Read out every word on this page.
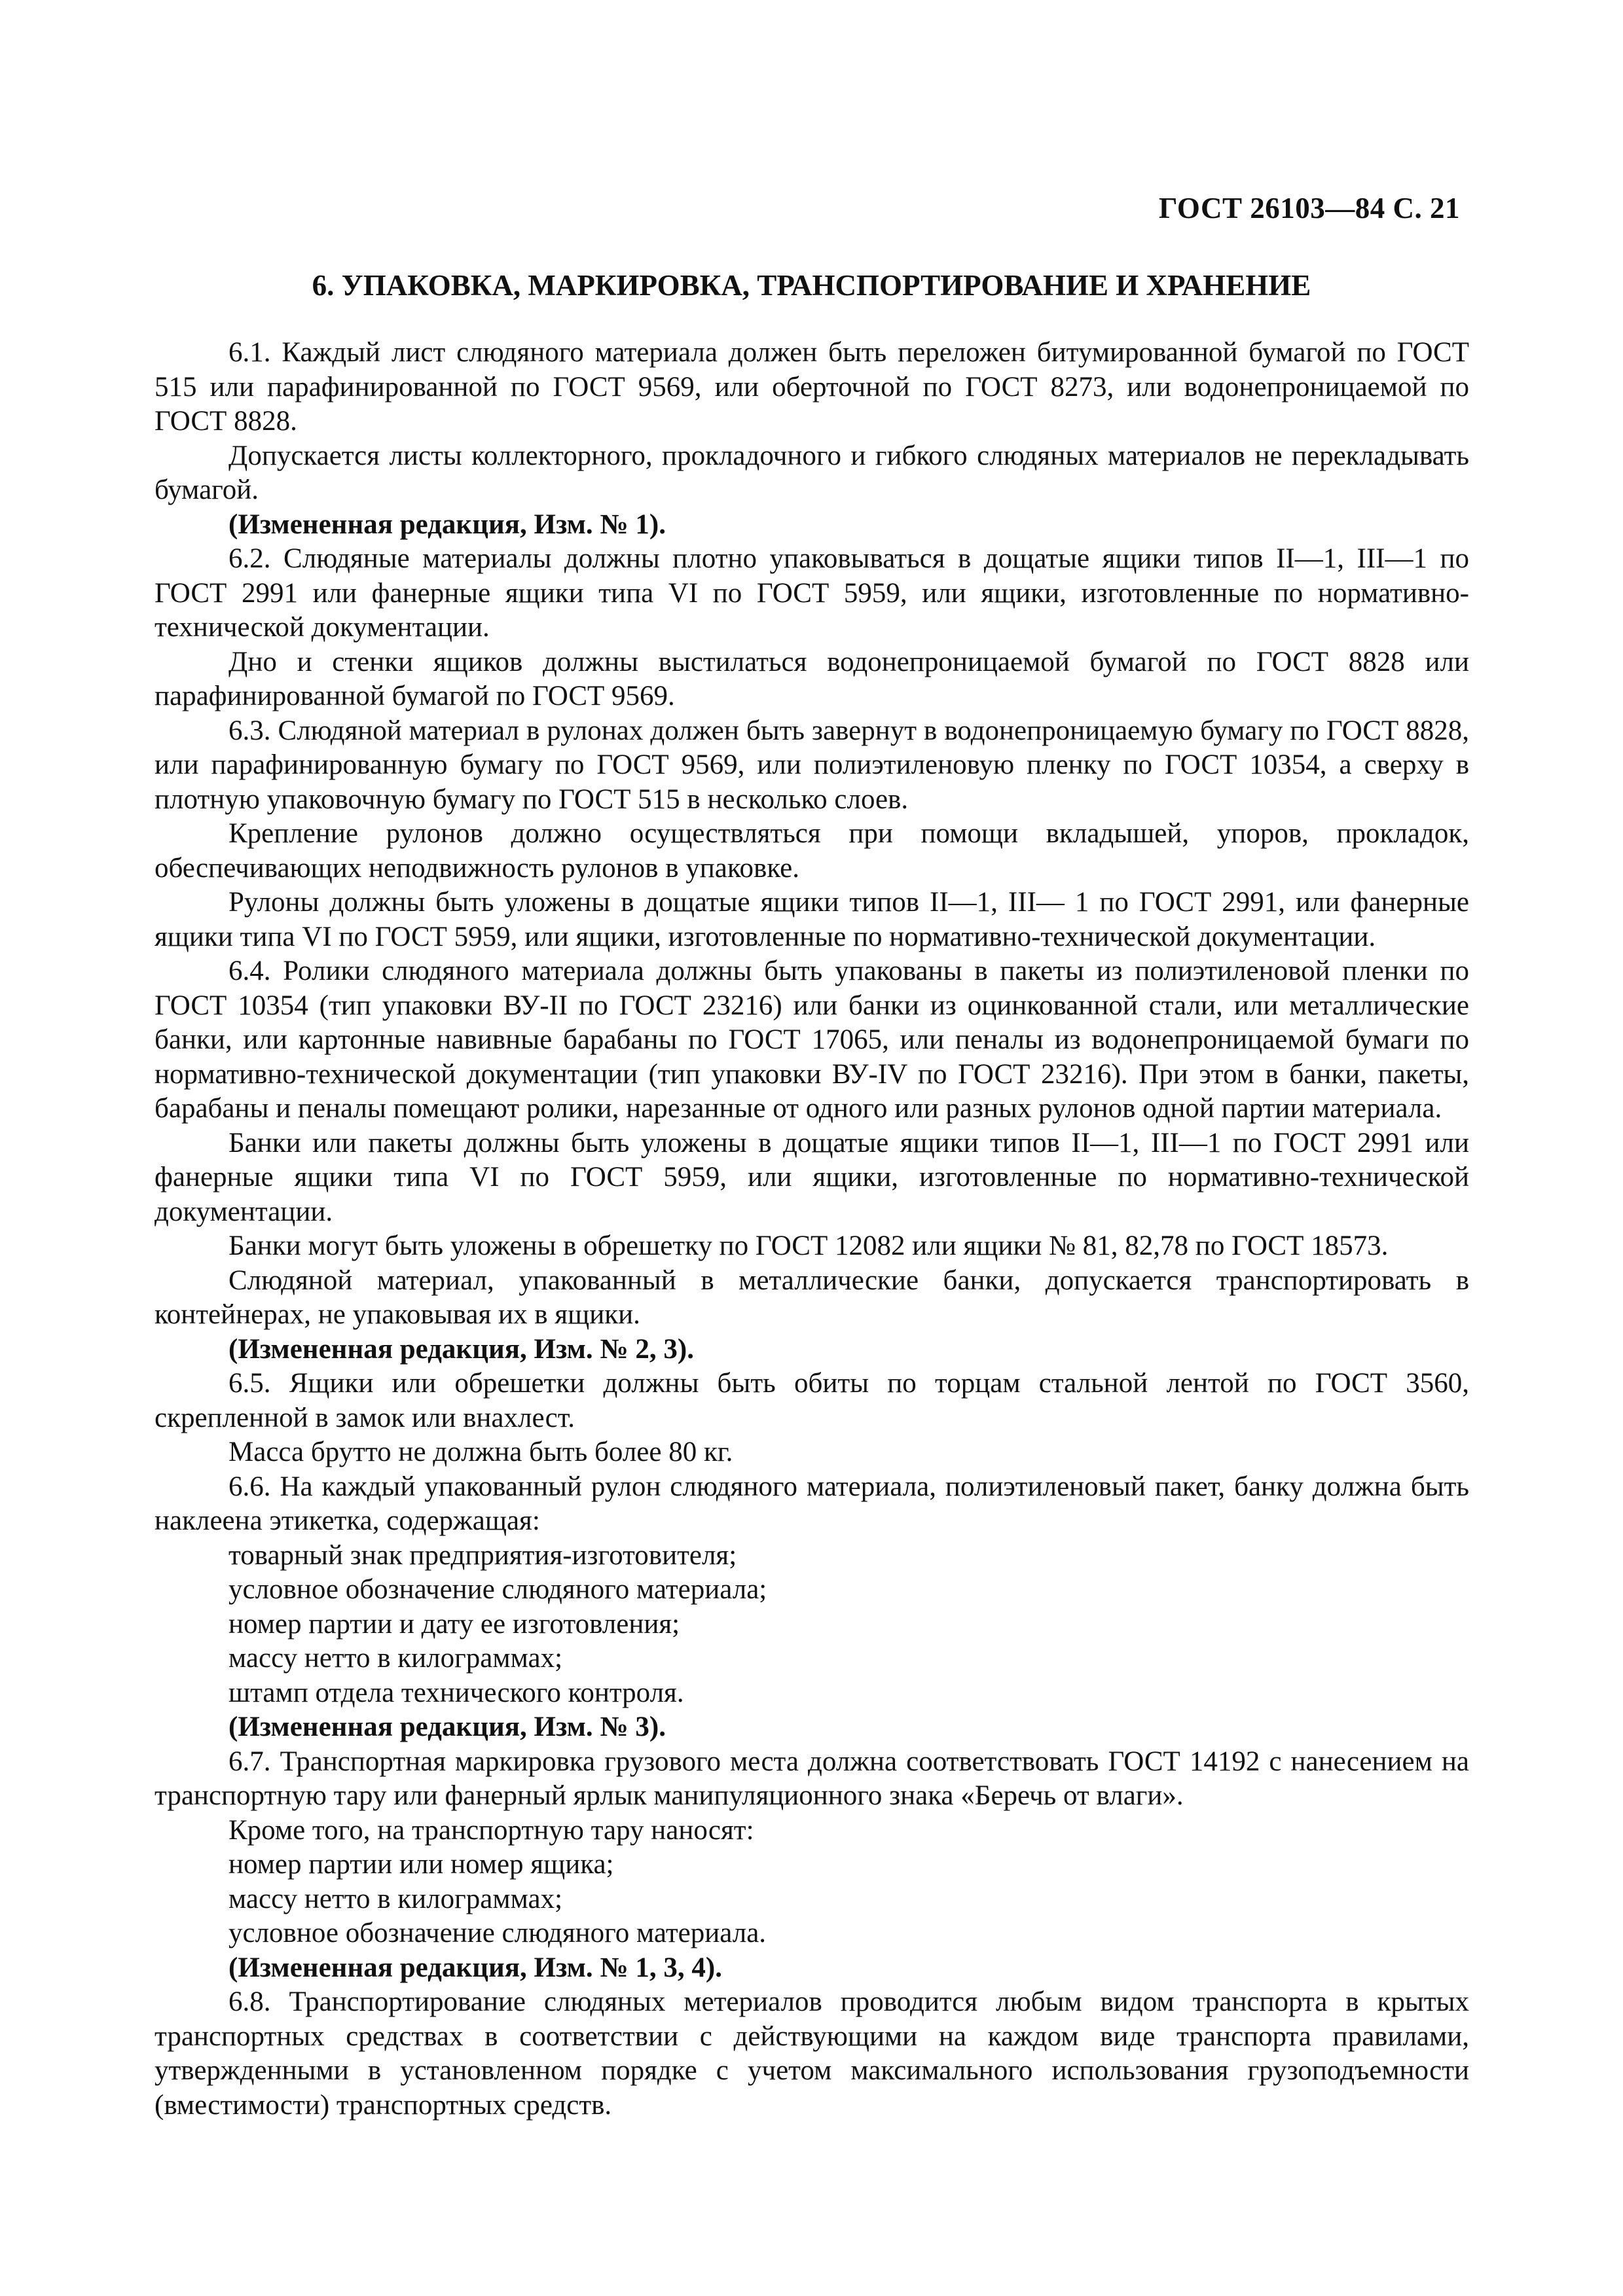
ГОСТ 26103—84 С. 21
6. УПАКОВКА, МАРКИРОВКА, ТРАНСПОРТИРОВАНИЕ И ХРАНЕНИЕ
6.1. Каждый лист слюдяного материала должен быть переложен битумированной бумагой по ГОСТ 515 или парафинированной по ГОСТ 9569, или оберточной по ГОСТ 8273, или водонепроницаемой по ГОСТ 8828.
Допускается листы коллекторного, прокладочного и гибкого слюдяных материалов не перекладывать бумагой.
(Измененная редакция, Изм. № 1).
6.2. Слюдяные материалы должны плотно упаковываться в дощатые ящики типов II—1, III—1 по ГОСТ 2991 или фанерные ящики типа VI по ГОСТ 5959, или ящики, изготовленные по нормативно-технической документации.
Дно и стенки ящиков должны выстилаться водонепроницаемой бумагой по ГОСТ 8828 или парафинированной бумагой по ГОСТ 9569.
6.3. Слюдяной материал в рулонах должен быть завернут в водонепроницаемую бумагу по ГОСТ 8828, или парафинированную бумагу по ГОСТ 9569, или полиэтиленовую пленку по ГОСТ 10354, а сверху в плотную упаковочную бумагу по ГОСТ 515 в несколько слоев.
Крепление рулонов должно осуществляться при помощи вкладышей, упоров, прокладок, обеспечивающих неподвижность рулонов в упаковке.
Рулоны должны быть уложены в дощатые ящики типов II—1, III— 1 по ГОСТ 2991, или фанерные ящики типа VI по ГОСТ 5959, или ящики, изготовленные по нормативно-технической документации.
6.4. Ролики слюдяного материала должны быть упакованы в пакеты из полиэтиленовой пленки по ГОСТ 10354 (тип упаковки ВУ-II по ГОСТ 23216) или банки из оцинкованной стали, или металлические банки, или картонные навивные барабаны по ГОСТ 17065, или пеналы из водонепроницаемой бумаги по нормативно-технической документации (тип упаковки ВУ-IV по ГОСТ 23216). При этом в банки, пакеты, барабаны и пеналы помещают ролики, нарезанные от одного или разных рулонов одной партии материала.
Банки или пакеты должны быть уложены в дощатые ящики типов II—1, III—1 по ГОСТ 2991 или фанерные ящики типа VI по ГОСТ 5959, или ящики, изготовленные по нормативно-технической документации.
Банки могут быть уложены в обрешетку по ГОСТ 12082 или ящики № 81, 82,78 по ГОСТ 18573.
Слюдяной материал, упакованный в металлические банки, допускается транспортировать в контейнерах, не упаковывая их в ящики.
(Измененная редакция, Изм. № 2, 3).
6.5. Ящики или обрешетки должны быть обиты по торцам стальной лентой по ГОСТ 3560, скрепленной в замок или внахлест.
Масса брутто не должна быть более 80 кг.
6.6. На каждый упакованный рулон слюдяного материала, полиэтиленовый пакет, банку должна быть наклеена этикетка, содержащая:
товарный знак предприятия-изготовителя;
условное обозначение слюдяного материала;
номер партии и дату ее изготовления;
массу нетто в килограммах;
штамп отдела технического контроля.
(Измененная редакция, Изм. № 3).
6.7. Транспортная маркировка грузового места должна соответствовать ГОСТ 14192 с нанесением на транспортную тару или фанерный ярлык манипуляционного знака «Беречь от влаги».
Кроме того, на транспортную тару наносят:
номер партии или номер ящика;
массу нетто в килограммах;
условное обозначение слюдяного материала.
(Измененная редакция, Изм. № 1, 3, 4).
6.8. Транспортирование слюдяных метериалов проводится любым видом транспорта в крытых транспортных средствах в соответствии с действующими на каждом виде транспорта правилами, утвержденными в установленном порядке с учетом максимального использования грузоподъемности (вместимости) транспортных средств.
